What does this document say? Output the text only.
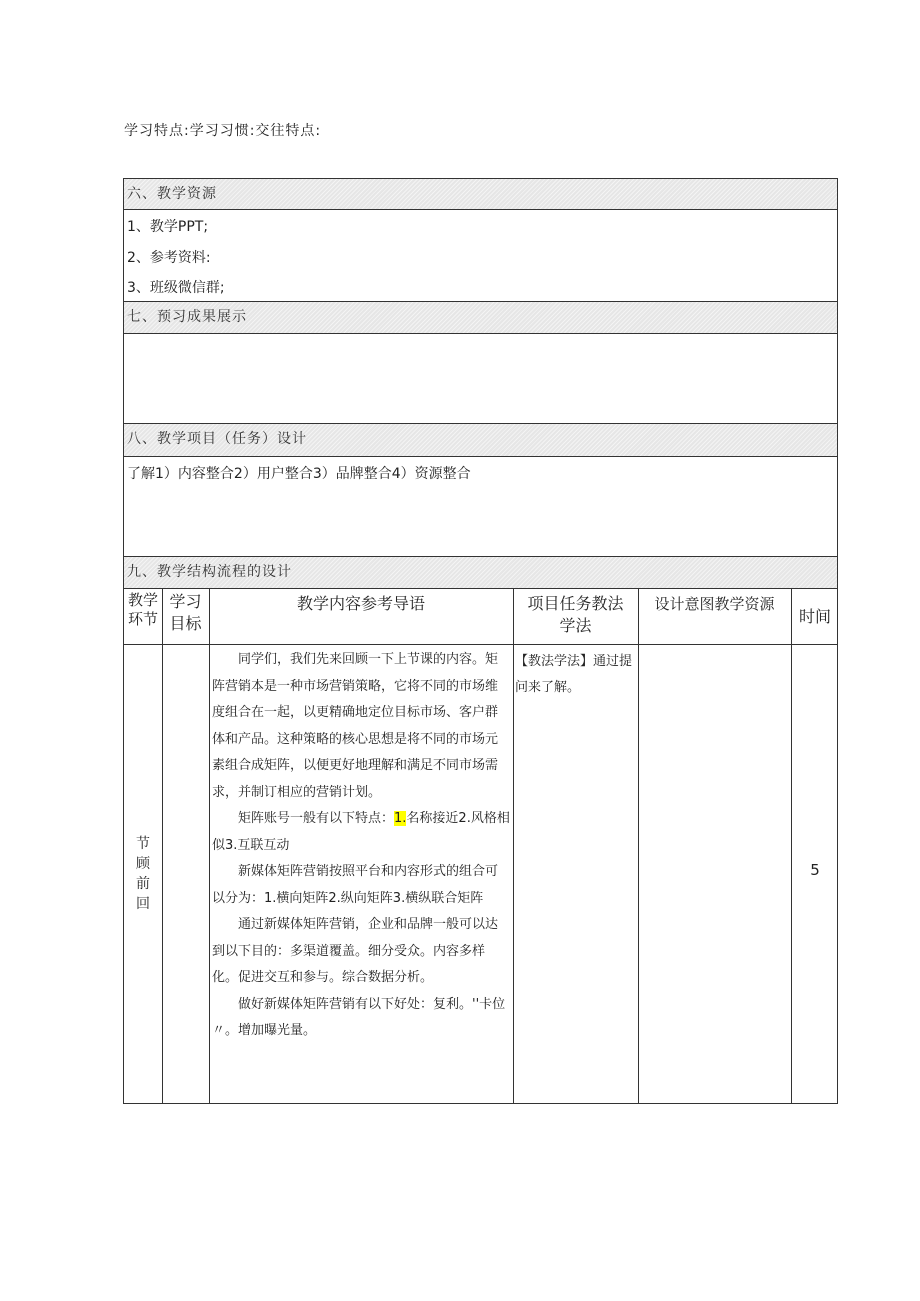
学习特点:学习习惯:交往特点:
六、教学资源
1、教学PPT;
2、参考资料:
3、班级微信群;
七、预习成果展示
八、教学项目（任务）设计
了解1）内容整合2）用户整合3）品牌整合4）资源整合
九、教学结构流程的设计
教学
环节
学习
目标
教学内容参考导语	项目任务教法
学法
设计意图教学资源
时间
节
顾
前
回

同学们，我们先来回顾一下上节课的内容。矩阵营销本是一种市场营销策略，它将不同的市场维度组合在一起，以更精确地定位目标市场、客户群体和产品。这种策略的核心思想是将不同的市场元素组合成矩阵，以便更好地理解和满足不同市场需求，并制订相应的营销计划。

矩阵账号一般有以下特点：1.名称接近2.风格相似3.互联互动

新媒体矩阵营销按照平台和内容形式的组合可以分为：1.横向矩阵2.纵向矩阵3.横纵联合矩阵

通过新媒体矩阵营销，企业和品牌一般可以达到以下目的：多渠道覆盖。细分受众。内容多样化。促进交互和参与。综合数据分析。

做好新媒体矩阵营销有以下好处：复利。''卡位〃。增加曝光量。

【教法学法】通过提问来了解。
5
